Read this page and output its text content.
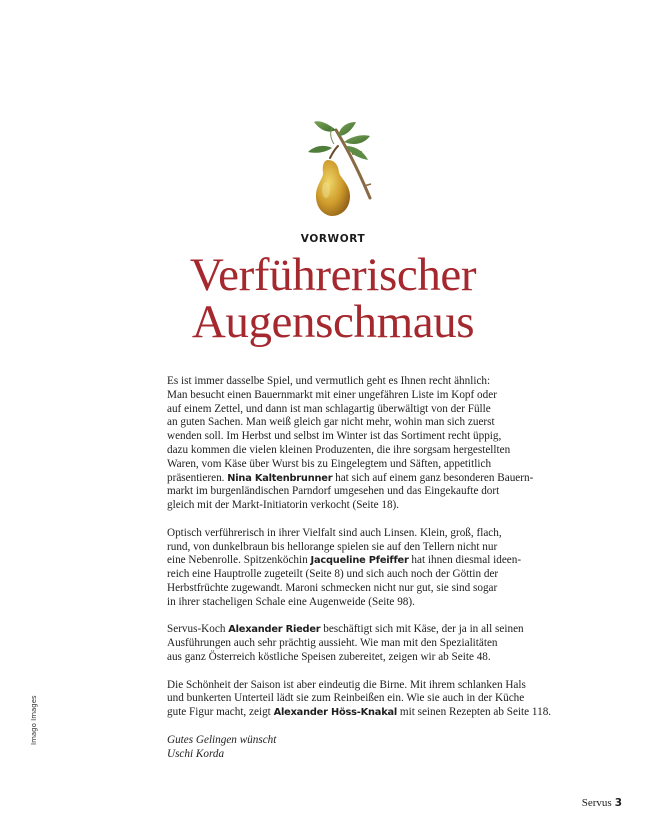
VORWORT
Verführerischer
Augenschmaus
Es ist immer dasselbe Spiel, und vermutlich geht es Ihnen recht ähnlich:
Man besucht einen Bauernmarkt mit einer ungefähren Liste im Kopf oder
auf einem Zettel, und dann ist man schlagartig überwältigt von der Fülle
an guten Sachen. Man weiß gleich gar nicht mehr, wohin man sich zuerst
wenden soll. Im Herbst und selbst im Winter ist das Sortiment recht üppig,
dazu kommen die vielen kleinen Produzenten, die ihre sorgsam hergestellten
Waren, vom Käse über Wurst bis zu Eingelegtem und Säften, appetitlich
präsentieren. Nina Kaltenbrunner hat sich auf einem ganz besonderen Bauern-
markt im burgenländischen Parndorf umgesehen und das Eingekaufte dort
gleich mit der Markt-Initiatorin verkocht (Seite 18).
Optisch verführerisch in ihrer Vielfalt sind auch Linsen. Klein, groß, flach,
rund, von dunkelbraun bis hellorange spielen sie auf den Tellern nicht nur
eine Nebenrolle. Spitzenköchin Jacqueline Pfeiffer hat ihnen diesmal ideen-
reich eine Hauptrolle zugeteilt (Seite 8) und sich auch noch der Göttin der
Herbstfrüchte zugewandt. Maroni schmecken nicht nur gut, sie sind sogar
in ihrer stacheligen Schale eine Augenweide (Seite 98).
Servus-Koch Alexander Rieder beschäftigt sich mit Käse, der ja in all seinen
Ausführungen auch sehr prächtig aussieht. Wie man mit den Spezialitäten
aus ganz Österreich köstliche Speisen zubereitet, zeigen wir ab Seite 48.
Die Schönheit der Saison ist aber eindeutig die Birne. Mit ihrem schlanken Hals
und bunkerten Unterteil lädt sie zum Reinbeißen ein. Wie sie auch in der Küche
gute Figur macht, zeigt Alexander Höss-Knakal mit seinen Rezepten ab Seite 118.
Gutes Gelingen wünscht
Uschi Korda
Imago Images
Servus 3
